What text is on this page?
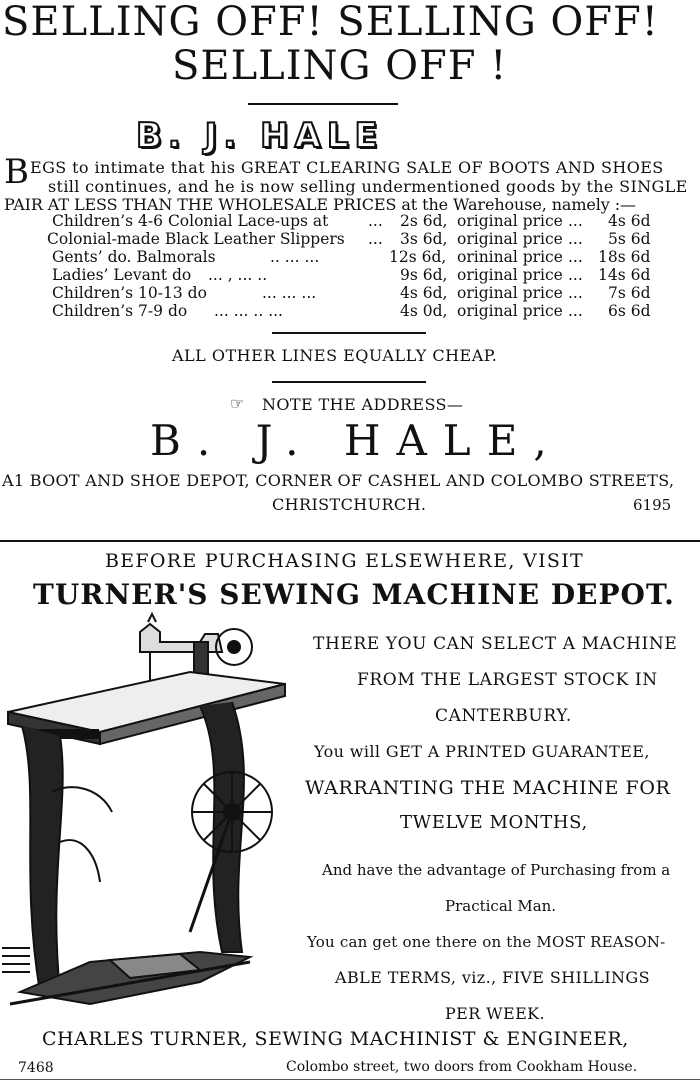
SELLING OFF! SELLING OFF!
SELLING OFF !
B. J. HALE
B EGS to intimate that his GREAT CLEARING SALE OF BOOTS AND SHOES
still continues, and he is now selling undermentioned goods by the SINGLE
PAIR AT LESS THAN THE WHOLESALE PRICES at the Warehouse, namely :—
Children’s 4-6 Colonial Lace-ups at	... 2s 6d, original price ... 4s 6d
Colonial-made Black Leather Slippers ... 3s 6d, original price ... 5s 6d
Gents’ do. Balmorals	.. ... ...	12s 6d, orininal price ... 18s 6d
Ladies’ Levant do ... , ... ..	9s 6d, original price ... 14s 6d
Children’s 10-13 do	... ... ...	4s 6d, original price ... 7s 6d
Children’s 7-9 do ... ... .. ...	4s 0d, original price ... 6s 6d
ALL OTHER LINES EQUALLY CHEAP.
☞ NOTE THE ADDRESS—
B. J. HALE,
A1 BOOT AND SHOE DEPOT, CORNER OF CASHEL AND COLOMBO STREETS,
CHRISTCHURCH.	6195
BEFORE PURCHASING ELSEWHERE, VISIT
TURNER'S SEWING MACHINE DEPOT.
THERE YOU CAN SELECT A MACHINE
FROM THE LARGEST STOCK IN
CANTERBURY.
You will GET A PRINTED GUARANTEE,
WARRANTING THE MACHINE FOR
TWELVE MONTHS,
And have the advantage of Purchasing from a
Practical Man.
You can get one there on the MOST REASON-
ABLE TERMS, viz., FIVE SHILLINGS
PER WEEK.
CHARLES TURNER, SEWING MACHINIST & ENGINEER,
7468	Colombo street, two doors from Cookham House.
